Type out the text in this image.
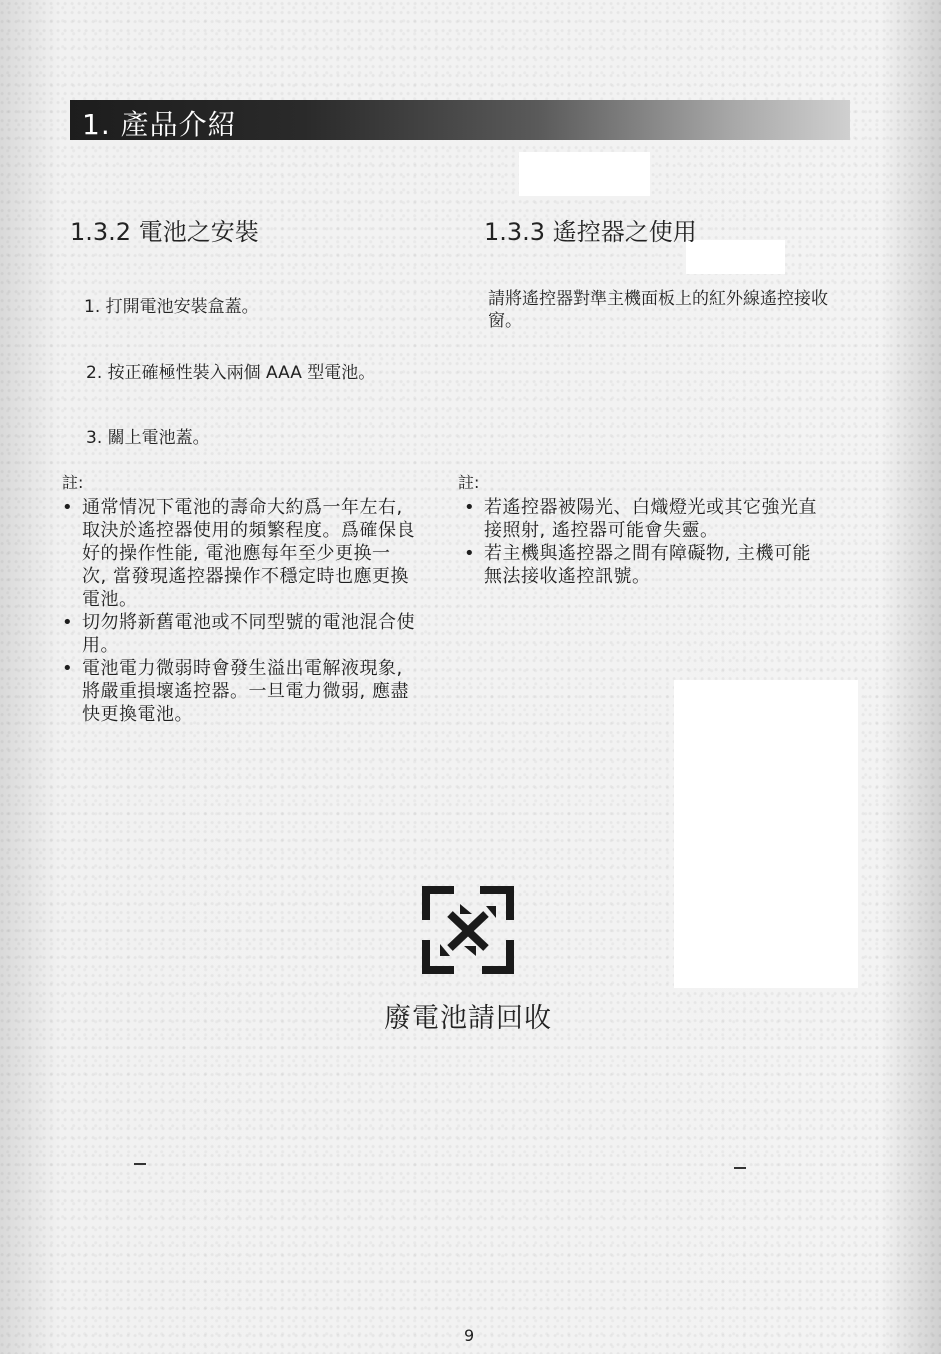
1. 產品介紹
1.3.2 電池之安裝
1. 打開電池安裝盒蓋。
2. 按正確極性裝入兩個 AAA 型電池。
3. 關上電池蓋。
註:
• 通常情况下電池的壽命大約爲一年左右,
取決於遙控器使用的頻繁程度。爲確保良
好的操作性能, 電池應每年至少更换一
次, 當發現遙控器操作不穩定時也應更換
電池。
• 切勿將新舊電池或不同型號的電池混合使
用。
• 電池電力微弱時會發生溢出電解液現象,
將嚴重損壞遙控器。一旦電力微弱, 應盡
快更換電池。
1.3.3 遙控器之使用
請將遙控器對準主機面板上的紅外線遙控接收
窗。
註:
• 若遙控器被陽光、白熾燈光或其它強光直
接照射, 遙控器可能會失靈。
• 若主機與遙控器之間有障礙物, 主機可能
無法接收遙控訊號。
廢電池請回收
9
